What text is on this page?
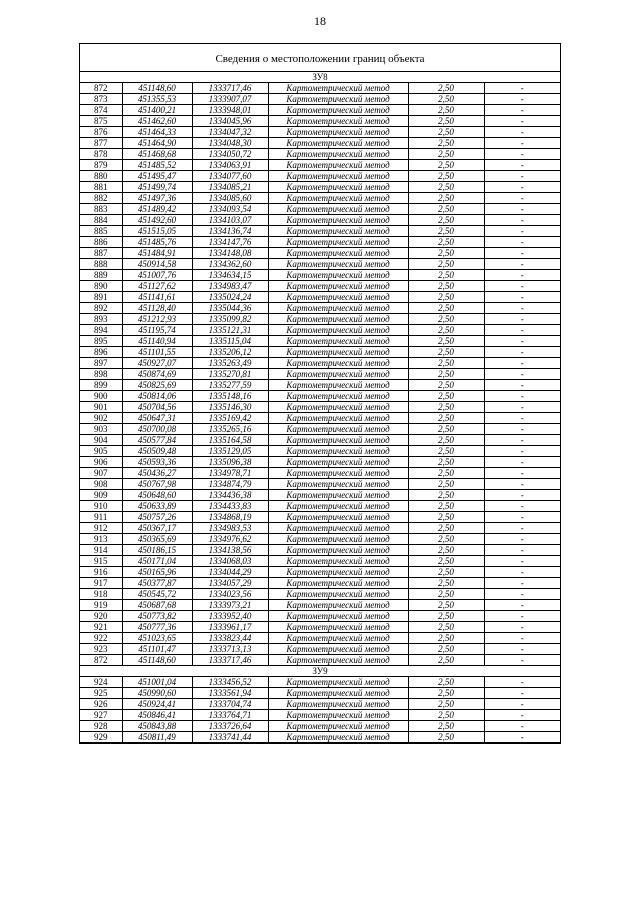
18
Сведения о местоположении границ объекта
ЗУ8					
872	451148,60	1333717,46	Картометрический метод	2,50	-
873	451355,53	1333907,07	Картометрический метод	2,50	-
874	451400,21	1333948,01	Картометрический метод	2,50	-
875	451462,60	1334045,96	Картометрический метод	2,50	-
876	451464,33	1334047,32	Картометрический метод	2,50	-
877	451464,90	1334048,30	Картометрический метод	2,50	-
878	451468,68	1334050,72	Картометрический метод	2,50	-
879	451485,52	1334063,91	Картометрический метод	2,50	-
880	451495,47	1334077,60	Картометрический метод	2,50	-
881	451499,74	1334085,21	Картометрический метод	2,50	-
882	451497,36	1334085,60	Картометрический метод	2,50	-
883	451489,42	1334093,54	Картометрический метод	2,50	-
884	451492,60	1334103,07	Картометрический метод	2,50	-
885	451515,05	1334136,74	Картометрический метод	2,50	-
886	451485,76	1334147,76	Картометрический метод	2,50	-
887	451484,91	1334148,08	Картометрический метод	2,50	-
888	450914,58	1334362,60	Картометрический метод	2,50	-
889	451007,76	1334634,15	Картометрический метод	2,50	-
890	451127,62	1334983,47	Картометрический метод	2,50	-
891	451141,61	1335024,24	Картометрический метод	2,50	-
892	451128,40	1335044,36	Картометрический метод	2,50	-
893	451212,93	1335099,82	Картометрический метод	2,50	-
894	451195,74	1335121,31	Картометрический метод	2,50	-
895	451140,94	1335115,04	Картометрический метод	2,50	-
896	451101,55	1335206,12	Картометрический метод	2,50	-
897	450927,07	1335263,49	Картометрический метод	2,50	-
898	450874,69	1335270,81	Картометрический метод	2,50	-
899	450825,69	1335277,59	Картометрический метод	2,50	-
900	450814,06	1335148,16	Картометрический метод	2,50	-
901	450704,56	1335146,30	Картометрический метод	2,50	-
902	450647,31	1335169,42	Картометрический метод	2,50	-
903	450700,08	1335265,16	Картометрический метод	2,50	-
904	450577,84	1335164,58	Картометрический метод	2,50	-
905	450509,48	1335129,05	Картометрический метод	2,50	-
906	450593,36	1335096,38	Картометрический метод	2,50	-
907	450436,27	1334978,71	Картометрический метод	2,50	-
908	450767,98	1334874,79	Картометрический метод	2,50	-
909	450648,60	1334436,38	Картометрический метод	2,50	-
910	450633,89	1334433,83	Картометрический метод	2,50	-
911	450757,26	1334868,19	Картометрический метод	2,50	-
912	450367,17	1334983,53	Картометрический метод	2,50	-
913	450365,69	1334976,62	Картометрический метод	2,50	-
914	450186,15	1334138,56	Картометрический метод	2,50	-
915	450171,04	1334068,03	Картометрический метод	2,50	-
916	450165,96	1334044,29	Картометрический метод	2,50	-
917	450377,87	1334057,29	Картометрический метод	2,50	-
918	450545,72	1334023,56	Картометрический метод	2,50	-
919	450687,68	1333973,21	Картометрический метод	2,50	-
920	450773,82	1333952,40	Картометрический метод	2,50	-
921	450777,36	1333961,17	Картометрический метод	2,50	-
922	451023,65	1333823,44	Картометрический метод	2,50	-
923	451101,47	1333713,13	Картометрический метод	2,50	-
872	451148,60	1333717,46	Картометрический метод	2,50	-
ЗУ9					
924	451001,04	1333456,52	Картометрический метод	2,50	-
925	450990,60	1333561,94	Картометрический метод	2,50	-
926	450924,41	1333704,74	Картометрический метод	2,50	-
927	450846,41	1333764,71	Картометрический метод	2,50	-
928	450843,88	1333726,64	Картометрический метод	2,50	-
929	450811,49	1333741,44	Картометрический метод	2,50	-
